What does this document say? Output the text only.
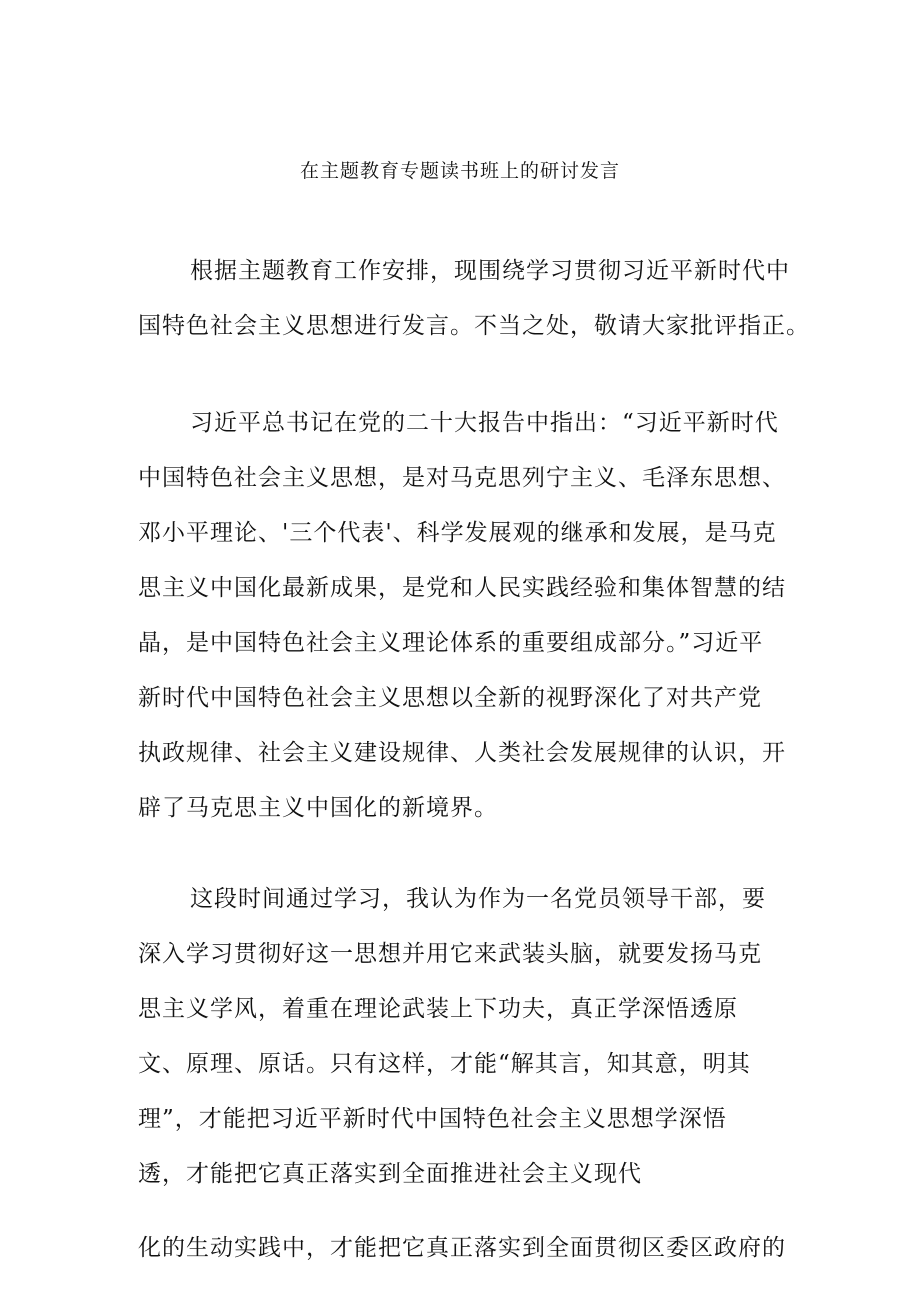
在主题教育专题读书班上的研讨发言
根据主题教育工作安排，现围绕学习贯彻习近平新时代中
国特色社会主义思想进行发言。不当之处，敬请大家批评指正。
习近平总书记在党的二十大报告中指出：“习近平新时代
中国特色社会主义思想，是对马克思列宁主义、毛泽东思想、
邓小平理论、'三个代表'、科学发展观的继承和发展，是马克
思主义中国化最新成果，是党和人民实践经验和集体智慧的结
晶，是中国特色社会主义理论体系的重要组成部分。”习近平
新时代中国特色社会主义思想以全新的视野深化了对共产党
执政规律、社会主义建设规律、人类社会发展规律的认识，开
辟了马克思主义中国化的新境界。
这段时间通过学习，我认为作为一名党员领导干部，要
深入学习贯彻好这一思想并用它来武装头脑，就要发扬马克
思主义学风，着重在理论武装上下功夫，真正学深悟透原
文、原理、原话。只有这样，才能“解其言，知其意，明其
理”，才能把习近平新时代中国特色社会主义思想学深悟
透，才能把它真正落实到全面推进社会主义现代
化的生动实践中，才能把它真正落实到全面贯彻区委区政府的
